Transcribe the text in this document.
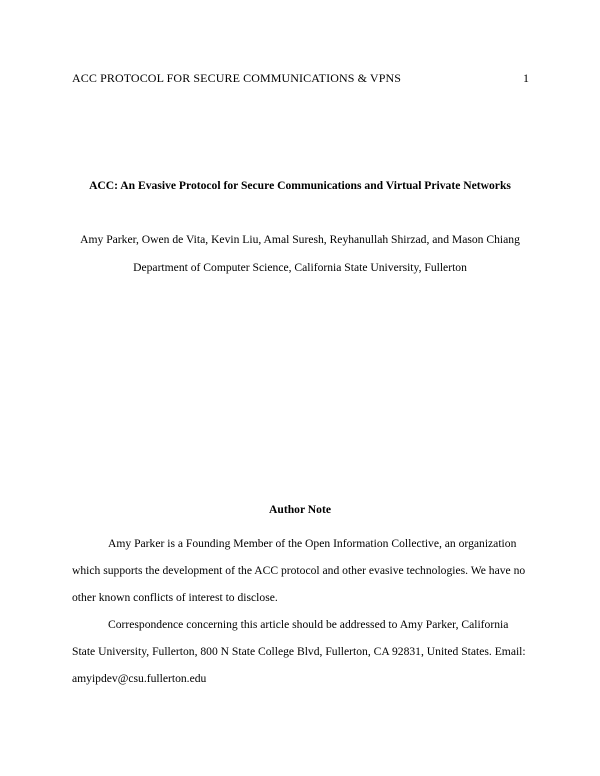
ACC PROTOCOL FOR SECURE COMMUNICATIONS & VPNS	1
ACC: An Evasive Protocol for Secure Communications and Virtual Private Networks
Amy Parker, Owen de Vita, Kevin Liu, Amal Suresh, Reyhanullah Shirzad, and Mason Chiang
Department of Computer Science, California State University, Fullerton
Author Note

Amy Parker is a Founding Member of the Open Information Collective, an organization which supports the development of the ACC protocol and other evasive technologies. We have no other known conflicts of interest to disclose.

Correspondence concerning this article should be addressed to Amy Parker, California State University, Fullerton, 800 N State College Blvd, Fullerton, CA 92831, United States. Email: amyipdev@csu.fullerton.edu
